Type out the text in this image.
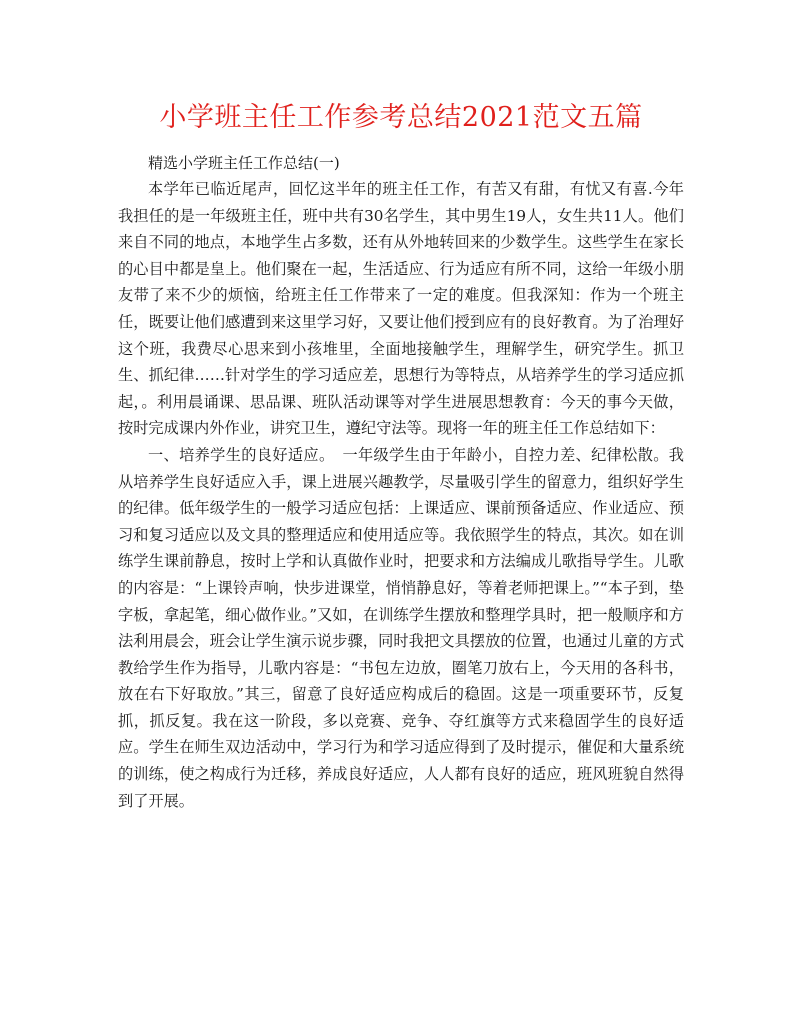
小学班主任工作参考总结2021范文五篇

精选小学班主任工作总结(一)

本学年已临近尾声，回忆这半年的班主任工作，有苦又有甜，有忧又有喜.今年我担任的是一年级班主任，班中共有30名学生，其中男生19人，女生共11人。他们来自不同的地点，本地学生占多数，还有从外地转回来的少数学生。这些学生在家长的心目中都是皇上。他们聚在一起，生活适应、行为适应有所不同，这给一年级小朋友带了来不少的烦恼，给班主任工作带来了一定的难度。但我深知：作为一个班主任，既要让他们感遭到来这里学习好，又要让他们授到应有的良好教育。为了治理好这个班，我费尽心思来到小孩堆里，全面地接触学生，理解学生，研究学生。抓卫生、抓纪律……针对学生的学习适应差，思想行为等特点，从培养学生的学习适应抓起，。利用晨诵课、思品课、班队活动课等对学生进展思想教育：今天的事今天做，按时完成课内外作业，讲究卫生，遵纪守法等。现将一年的班主任工作总结如下：

一、培养学生的良好适应。　一年级学生由于年龄小，自控力差、纪律松散。我从培养学生良好适应入手，课上进展兴趣教学，尽量吸引学生的留意力，组织好学生的纪律。低年级学生的一般学习适应包括：上课适应、课前预备适应、作业适应、预习和复习适应以及文具的整理适应和使用适应等。我依照学生的特点，其次。如在训练学生课前静息，按时上学和认真做作业时，把要求和方法编成儿歌指导学生。儿歌的内容是：“上课铃声响，快步进课堂，悄悄静息好，等着老师把课上。”“本子到，垫字板，拿起笔，细心做作业。”又如，在训练学生摆放和整理学具时，把一般顺序和方法利用晨会，班会让学生演示说步骤，同时我把文具摆放的位置，也通过儿童的方式教给学生作为指导，儿歌内容是：“书包左边放，圈笔刀放右上，今天用的各科书，放在右下好取放。”其三，留意了良好适应构成后的稳固。这是一项重要环节，反复抓，抓反复。我在这一阶段，多以竞赛、竞争、夺红旗等方式来稳固学生的良好适应。学生在师生双边活动中，学习行为和学习适应得到了及时提示，催促和大量系统的训练，使之构成行为迁移，养成良好适应，人人都有良好的适应，班风班貌自然得到了开展。
